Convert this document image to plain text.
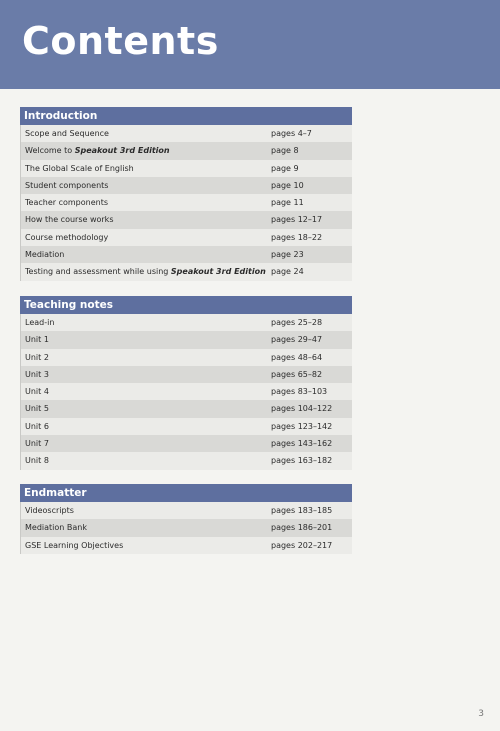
Contents
Introduction
Scope and Sequence	pages 4–7
Welcome to Speakout 3rd Edition	page 8
The Global Scale of English	page 9
Student components	page 10
Teacher components	page 11
How the course works	pages 12–17
Course methodology	pages 18–22
Mediation	page 23
Testing and assessment while using Speakout 3rd Edition page 24
Teaching notes
Lead-in	pages 25–28
Unit 1	pages 29–47
Unit 2	pages 48–64
Unit 3	pages 65–82
Unit 4	pages 83–103
Unit 5	pages 104–122
Unit 6	pages 123–142
Unit 7	pages 143–162
Unit 8	pages 163–182
Endmatter
Videoscripts	pages 183–185
Mediation Bank	pages 186–201
GSE Learning Objectives	pages 202–217
3
